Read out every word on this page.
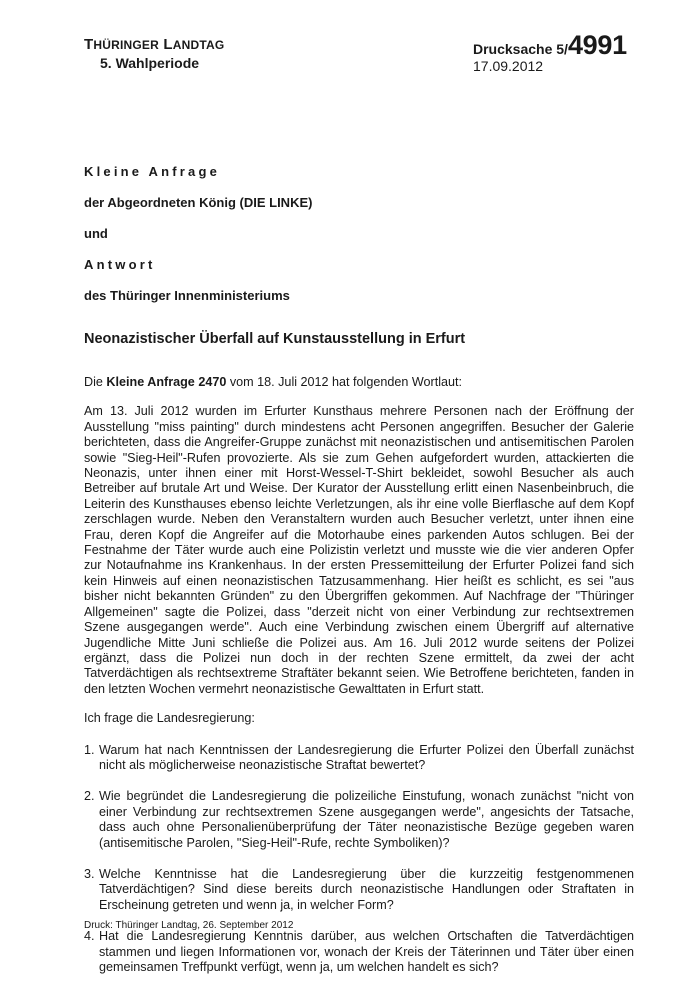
THÜRINGER LANDTAG
5. Wahlperiode
Drucksache 5/4991
17.09.2012
Kleine Anfrage
der Abgeordneten König (DIE LINKE)
und
Antwort
des Thüringer Innenministeriums
Neonazistischer Überfall auf Kunstausstellung in Erfurt
Die Kleine Anfrage 2470 vom 18. Juli 2012 hat folgenden Wortlaut:
Am 13. Juli 2012 wurden im Erfurter Kunsthaus mehrere Personen nach der Eröffnung der Ausstellung "miss painting" durch mindestens acht Personen angegriffen. Besucher der Galerie berichteten, dass die Angreifer-Gruppe zunächst mit neonazistischen und antisemitischen Parolen sowie "Sieg-Heil"-Rufen provozierte. Als sie zum Gehen aufgefordert wurden, attackierten die Neonazis, unter ihnen einer mit Horst-Wessel-T-Shirt bekleidet, sowohl Besucher als auch Betreiber auf brutale Art und Weise. Der Kurator der Ausstellung erlitt einen Nasenbeinbruch, die Leiterin des Kunsthauses ebenso leichte Verletzungen, als ihr eine volle Bierflasche auf dem Kopf zerschlagen wurde. Neben den Veranstaltern wurden auch Besucher verletzt, unter ihnen eine Frau, deren Kopf die Angreifer auf die Motorhaube eines parkenden Autos schlugen. Bei der Festnahme der Täter wurde auch eine Polizistin verletzt und musste wie die vier anderen Opfer zur Notaufnahme ins Krankenhaus. In der ersten Pressemitteilung der Erfurter Polizei fand sich kein Hinweis auf einen neonazistischen Tatzusammenhang. Hier heißt es schlicht, es sei "aus bisher nicht bekannten Gründen" zu den Übergriffen gekommen. Auf Nachfrage der "Thüringer Allgemeinen" sagte die Polizei, dass "derzeit nicht von einer Verbindung zur rechtsextremen Szene ausgegangen werde". Auch eine Verbindung zwischen einem Übergriff auf alternative Jugendliche Mitte Juni schließe die Polizei aus. Am 16. Juli 2012 wurde seitens der Polizei ergänzt, dass die Polizei nun doch in der rechten Szene ermittelt, da zwei der acht Tatverdächtigen als rechtsextreme Straftäter bekannt seien. Wie Betroffene berichteten, fanden in den letzten Wochen vermehrt neonazistische Gewalttaten in Erfurt statt.
Ich frage die Landesregierung:
1. Warum hat nach Kenntnissen der Landesregierung die Erfurter Polizei den Überfall zunächst nicht als möglicherweise neonazistische Straftat bewertet?
2. Wie begründet die Landesregierung die polizeiliche Einstufung, wonach zunächst "nicht von einer Verbindung zur rechtsextremen Szene ausgegangen werde", angesichts der Tatsache, dass auch ohne Personalienüberprüfung der Täter neonazistische Bezüge gegeben waren (antisemitische Parolen, "Sieg-Heil"-Rufe, rechte Symboliken)?
3. Welche Kenntnisse hat die Landesregierung über die kurzzeitig festgenommenen Tatverdächtigen? Sind diese bereits durch neonazistische Handlungen oder Straftaten in Erscheinung getreten und wenn ja, in welcher Form?
4. Hat die Landesregierung Kenntnis darüber, aus welchen Ortschaften die Tatverdächtigen stammen und liegen Informationen vor, wonach der Kreis der Täterinnen und Täter über einen gemeinsamen Treffpunkt verfügt, wenn ja, um welchen handelt es sich?
Druck: Thüringer Landtag, 26. September 2012
